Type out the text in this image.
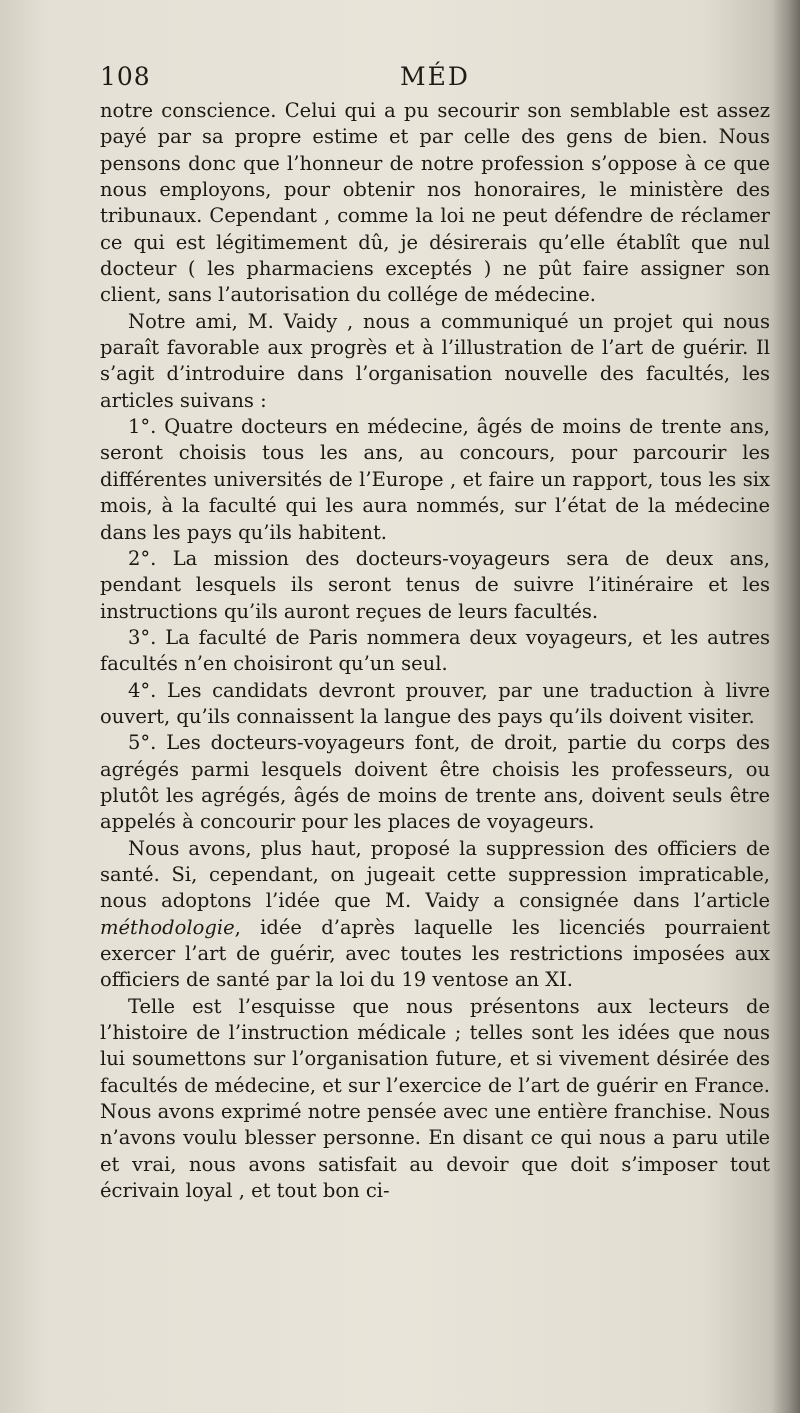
MÉD
108

notre conscience. Celui qui a pu secourir son semblable est assez payé par sa propre estime et par celle des gens de bien. Nous pensons donc que l’honneur de notre profession s’oppose à ce que nous employons, pour obtenir nos honoraires, le ministère des tribunaux. Cependant , comme la loi ne peut défendre de réclamer ce qui est légitimement dû, je désirerais qu’elle établît que nul docteur ( les pharmaciens exceptés ) ne pût faire assigner son client, sans l’autorisation du collége de médecine.

Notre ami, M. Vaidy , nous a communiqué un projet qui nous paraît favorable aux progrès et à l’illustration de l’art de guérir. Il s’agit d’introduire dans l’organisation nouvelle des facultés, les articles suivans :

1°. Quatre docteurs en médecine, âgés de moins de trente ans, seront choisis tous les ans, au concours, pour parcourir les différentes universités de l’Europe , et faire un rapport, tous les six mois, à la faculté qui les aura nommés, sur l’état de la médecine dans les pays qu’ils habitent.

2°. La mission des docteurs-voyageurs sera de deux ans, pendant lesquels ils seront tenus de suivre l’itinéraire et les instructions qu’ils auront reçues de leurs facultés.

3°. La faculté de Paris nommera deux voyageurs, et les autres facultés n’en choisiront qu’un seul.

4°. Les candidats devront prouver, par une traduction à livre ouvert, qu’ils connaissent la langue des pays qu’ils doivent visiter.

5°. Les docteurs-voyageurs font, de droit, partie du corps des agrégés parmi lesquels doivent être choisis les professeurs, ou plutôt les agrégés, âgés de moins de trente ans, doivent seuls être appelés à concourir pour les places de voyageurs.

Nous avons, plus haut, proposé la suppression des officiers de santé. Si, cependant, on jugeait cette suppression impraticable, nous adoptons l’idée que M. Vaidy a consignée dans l’article méthodologie, idée d’après laquelle les licenciés pourraient exercer l’art de guérir, avec toutes les restrictions imposées aux officiers de santé par la loi du 19 ventose an XI.

Telle est l’esquisse que nous présentons aux lecteurs de l’histoire de l’instruction médicale ; telles sont les idées que nous lui soumettons sur l’organisation future, et si vivement désirée des facultés de médecine, et sur l’exercice de l’art de guérir en France. Nous avons exprimé notre pensée avec une entière franchise. Nous n’avons voulu blesser personne. En disant ce qui nous a paru utile et vrai, nous avons satisfait au devoir que doit s’imposer tout écrivain loyal , et tout bon ci-
